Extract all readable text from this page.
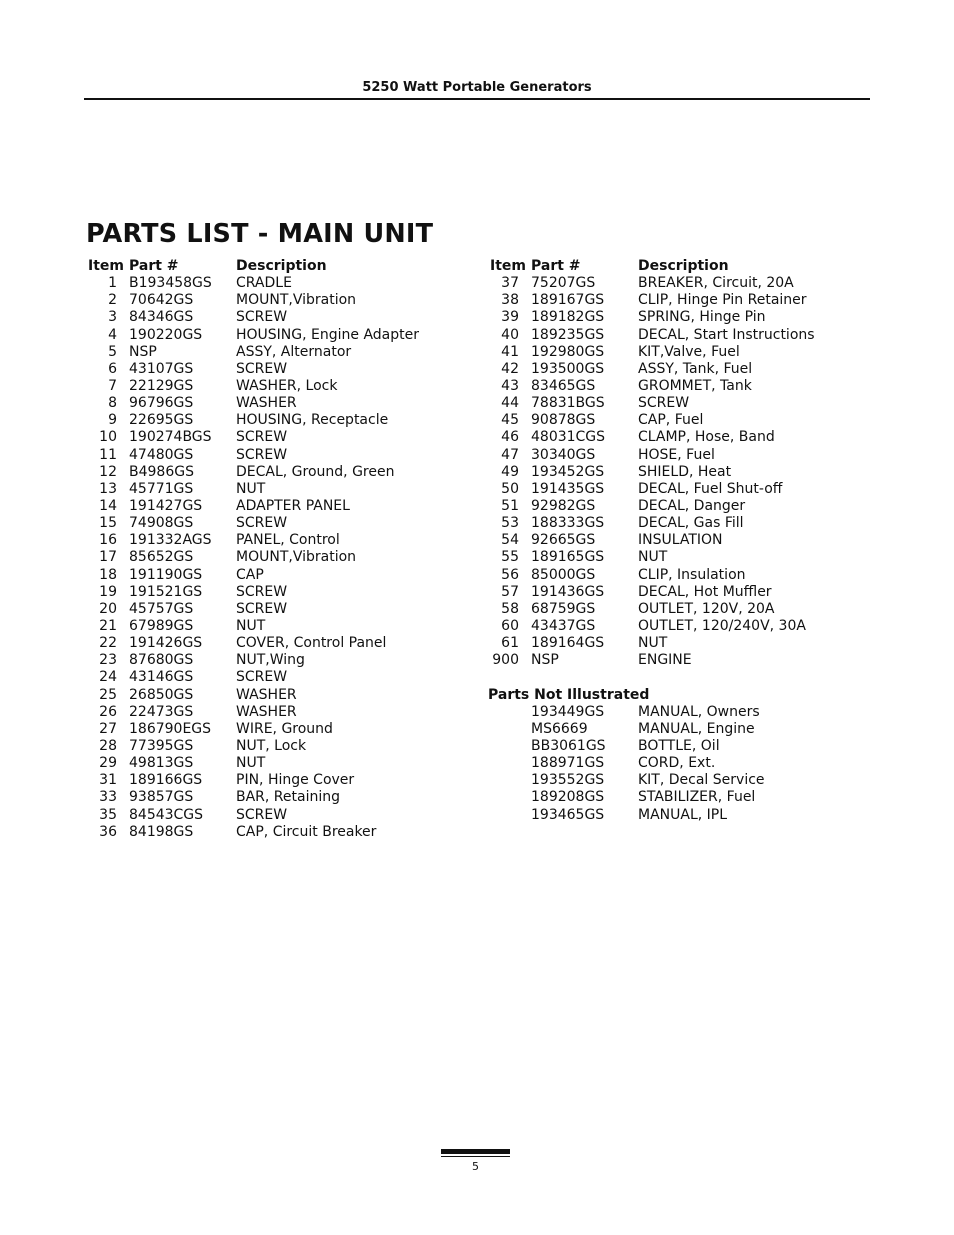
5250 Watt Portable Generators
PARTS LIST - MAIN UNIT
Item Part #	Description
1 B193458GS	CRADLE
2 70642GS	MOUNT,Vibration
3 84346GS	SCREW
4 190220GS	HOUSING, Engine Adapter
5 NSP	ASSY, Alternator
6 43107GS	SCREW
7 22129GS	WASHER, Lock
8 96796GS	WASHER
9 22695GS	HOUSING, Receptacle
10 190274BGS	SCREW
11 47480GS	SCREW
12 B4986GS	DECAL, Ground, Green
13 45771GS	NUT
14 191427GS	ADAPTER PANEL
15 74908GS	SCREW
16 191332AGS	PANEL, Control
17 85652GS	MOUNT,Vibration
18 191190GS	CAP
19 191521GS	SCREW
20 45757GS	SCREW
21 67989GS	NUT
22 191426GS	COVER, Control Panel
23 87680GS	NUT,Wing
24 43146GS	SCREW
25 26850GS	WASHER
26 22473GS	WASHER
27 186790EGS	WIRE, Ground
28 77395GS	NUT, Lock
29 49813GS	NUT
31 189166GS	PIN, Hinge Cover
33 93857GS	BAR, Retaining
35 84543CGS	SCREW
36 84198GS	CAP, Circuit Breaker
Item Part #	Description
37 75207GS	BREAKER, Circuit, 20A
38 189167GS	CLIP, Hinge Pin Retainer
39 189182GS	SPRING, Hinge Pin
40 189235GS	DECAL, Start Instructions
41 192980GS	KIT,Valve, Fuel
42 193500GS	ASSY, Tank, Fuel
43 83465GS	GROMMET, Tank
44 78831BGS	SCREW
45 90878GS	CAP, Fuel
46 48031CGS	CLAMP, Hose, Band
47 30340GS	HOSE, Fuel
49 193452GS	SHIELD, Heat
50 191435GS	DECAL, Fuel Shut-off
51 92982GS	DECAL, Danger
53 188333GS	DECAL, Gas Fill
54 92665GS	INSULATION
55 189165GS	NUT
56 85000GS	CLIP, Insulation
57 191436GS	DECAL, Hot Muffler
58 68759GS	OUTLET, 120V, 20A
60 43437GS	OUTLET, 120/240V, 30A
61 189164GS	NUT
900 NSP	ENGINE
Parts Not Illustrated
193449GS	MANUAL, Owners
MS6669	MANUAL, Engine
BB3061GS	BOTTLE, Oil
188971GS	CORD, Ext.
193552GS	KIT, Decal Service
189208GS	STABILIZER, Fuel
193465GS	MANUAL, IPL
5
